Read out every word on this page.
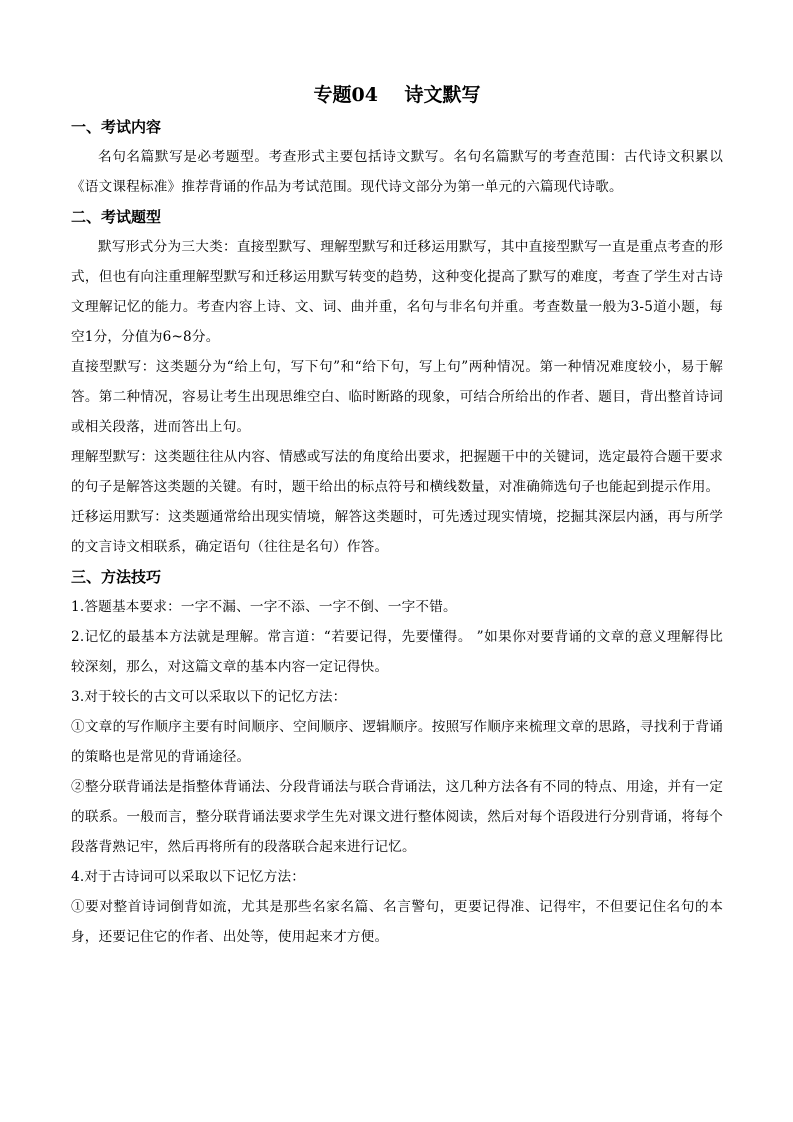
专题04    诗文默写

一、考试内容

名句名篇默写是必考题型。考查形式主要包括诗文默写。名句名篇默写的考查范围：古代诗文积累以《语文课程标准》推荐背诵的作品为考试范围。现代诗文部分为第一单元的六篇现代诗歌。

二、考试题型

默写形式分为三大类：直接型默写、理解型默写和迁移运用默写，其中直接型默写一直是重点考查的形式，但也有向注重理解型默写和迁移运用默写转变的趋势，这种变化提高了默写的难度，考查了学生对古诗文理解记忆的能力。考查内容上诗、文、词、曲并重，名句与非名句并重。考查数量一般为3-5道小题，每空1分，分值为6~8分。

直接型默写：这类题分为“给上句，写下句”和“给下句，写上句”两种情况。第一种情况难度较小，易于解答。第二种情况，容易让考生出现思维空白、临时断路的现象，可结合所给出的作者、题目，背出整首诗词或相关段落，进而答出上句。

理解型默写：这类题往往从内容、情感或写法的角度给出要求，把握题干中的关键词，选定最符合题干要求的句子是解答这类题的关键。有时，题干给出的标点符号和横线数量，对准确筛选句子也能起到提示作用。

迁移运用默写：这类题通常给出现实情境，解答这类题时，可先透过现实情境，挖掘其深层内涵，再与所学的文言诗文相联系，确定语句（往往是名句）作答。

三、方法技巧

1.答题基本要求：一字不漏、一字不添、一字不倒、一字不错。

2.记忆的最基本方法就是理解。常言道：“若要记得，先要懂得。 ”如果你对要背诵的文章的意义理解得比较深刻，那么，对这篇文章的基本内容一定记得快。

3.对于较长的古文可以采取以下的记忆方法：

①文章的写作顺序主要有时间顺序、空间顺序、逻辑顺序。按照写作顺序来梳理文章的思路，寻找利于背诵的策略也是常见的背诵途径。

②整分联背诵法是指整体背诵法、分段背诵法与联合背诵法，这几种方法各有不同的特点、用途，并有一定的联系。一般而言，整分联背诵法要求学生先对课文进行整体阅读，然后对每个语段进行分别背诵，将每个段落背熟记牢，然后再将所有的段落联合起来进行记忆。

4.对于古诗词可以采取以下记忆方法：

①要对整首诗词倒背如流，尤其是那些名家名篇、名言警句，更要记得准、记得牢，不但要记住名句的本身，还要记住它的作者、出处等，使用起来才方便。
